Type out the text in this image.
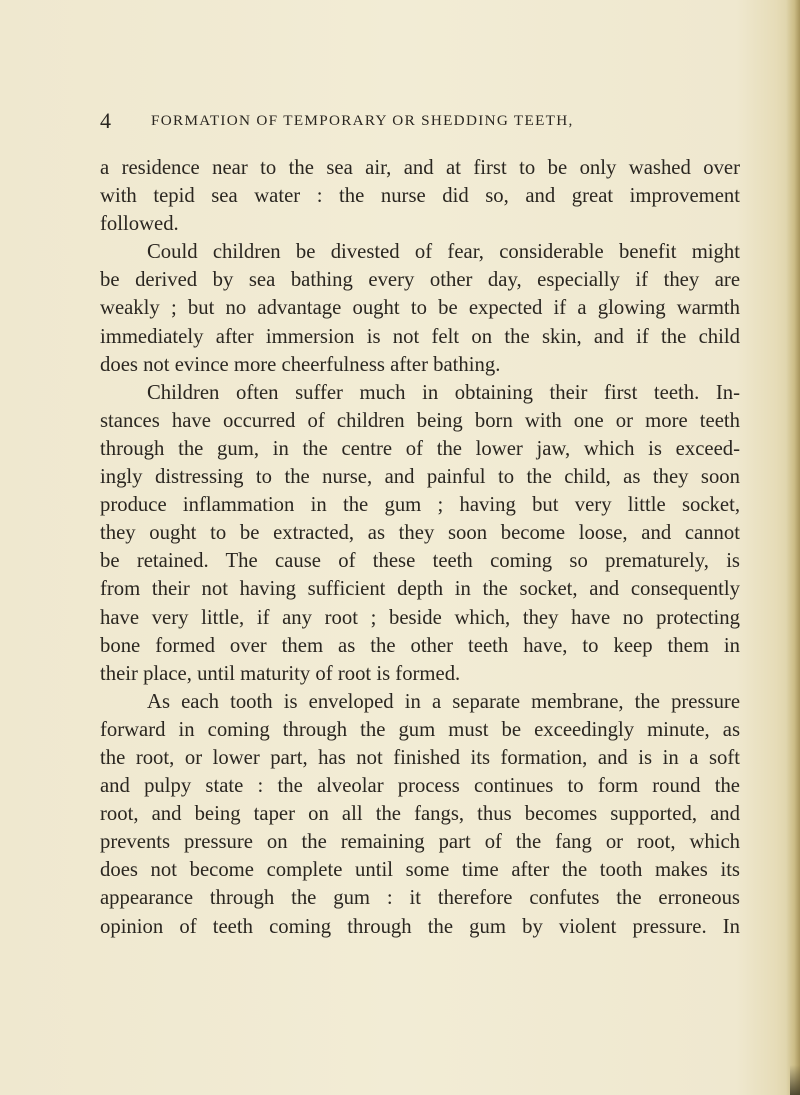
4	FORMATION OF TEMPORARY OR SHEDDING TEETH,
a residence near to the sea air, and at first to be only washed over
with tepid sea water : the nurse did so, and great improvement
followed.
Could children be divested of fear, considerable benefit might
be derived by sea bathing every other day, especially if they are
weakly ; but no advantage ought to be expected if a glowing warmth
immediately after immersion is not felt on the skin, and if the child
does not evince more cheerfulness after bathing.
Children often suffer much in obtaining their first teeth. In-
stances have occurred of children being born with one or more teeth
through the gum, in the centre of the lower jaw, which is exceed-
ingly distressing to the nurse, and painful to the child, as they soon
produce inflammation in the gum ; having but very little socket,
they ought to be extracted, as they soon become loose, and cannot
be retained. The cause of these teeth coming so prematurely, is
from their not having sufficient depth in the socket, and consequently
have very little, if any root ; beside which, they have no protecting
bone formed over them as the other teeth have, to keep them in
their place, until maturity of root is formed.
As each tooth is enveloped in a separate membrane, the pressure
forward in coming through the gum must be exceedingly minute, as
the root, or lower part, has not finished its formation, and is in a soft
and pulpy state : the alveolar process continues to form round the
root, and being taper on all the fangs, thus becomes supported, and
prevents pressure on the remaining part of the fang or root, which
does not become complete until some time after the tooth makes its
appearance through the gum : it therefore confutes the erroneous
opinion of teeth coming through the gum by violent pressure. In
